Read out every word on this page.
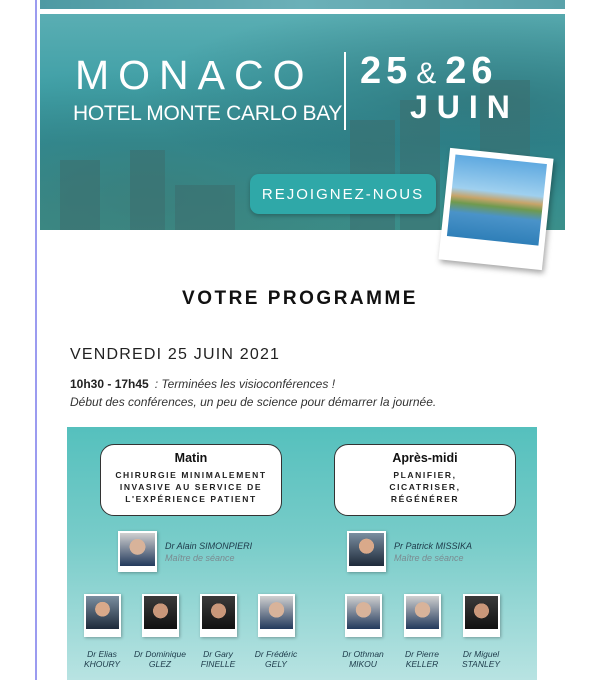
MONACO
HOTEL MONTE CARLO BAY
25 & 26
JUIN
REJOIGNEZ-NOUS
VOTRE PROGRAMME
VENDREDI 25 JUIN 2021
10h30 - 17h45 : Terminées les visioconférences !
Début des conférences, un peu de science pour démarrer la journée.
Matin
CHIRURGIE MINIMALEMENT
INVASIVE AU SERVICE DE
L'EXPÉRIENCE PATIENT
Dr Alain SIMONPIERI
Maître de séance
Dr Elias
KHOURY
Dr Dominique
GLEZ
Dr Gary
FINELLE
Dr Frédéric
GELY
Après-midi
PLANIFIER,
CICATRISER,
RÉGÉNÉRER
Pr Patrick MISSIKA
Maître de séance
Dr Othman
MIKOU
Dr Pierre
KELLER
Dr Miguel
STANLEY
